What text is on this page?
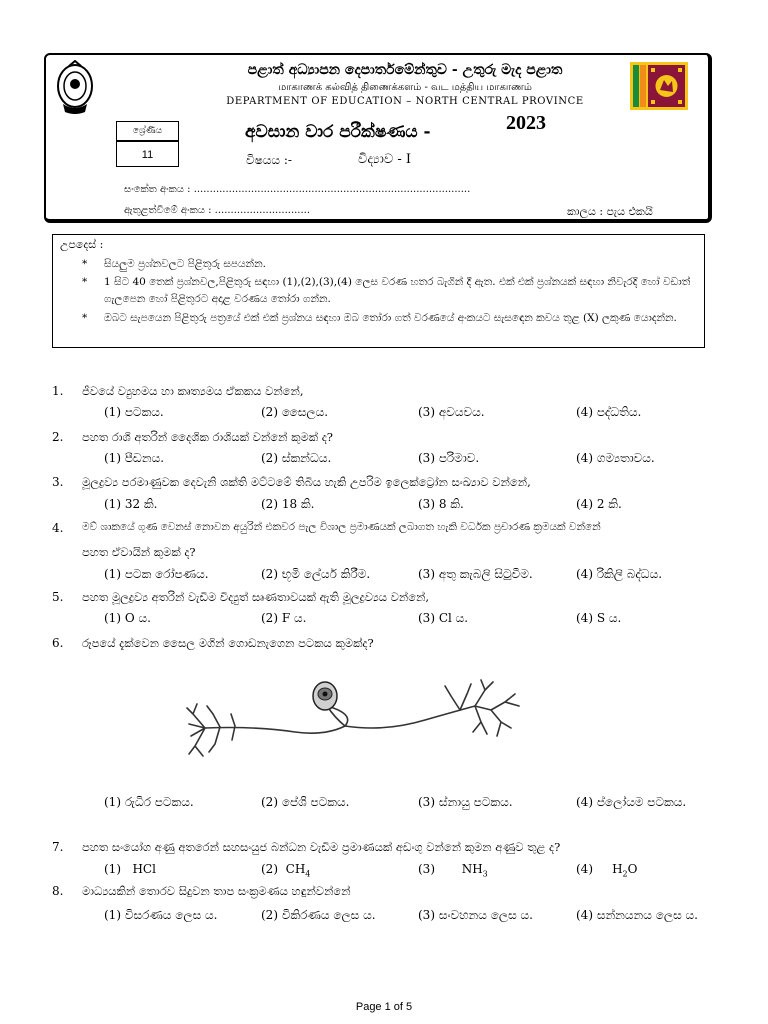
පළාත් අධ්‍යාපන දෙපාර්තමේන්තුව - උතුරු මැද පළාත
மாகாணக் கல்வித் திணைக்களம் - வட மத்திய மாகாணம்
DEPARTMENT OF EDUCATION – NORTH CENTRAL PROVINCE
ශ්‍රේණිය
11
අවසාන වාර පරීක්ෂණය -	2023
විෂයය :-	විද්‍යාව - I
සංකේත අංකය : .......................................................................................
ඇතුළත්වීමේ අංකය : ..............................	කාලය : පැය එකයි
උපදෙස් :
* සියලුම ප්‍රශ්නවලට පිළිතුරු සපයන්න.
* 1 සිට 40 තෙක් ප්‍රශ්නවල,පිළිතුරු සඳහා (1),(2),(3),(4) ලෙස වරණ හතර බැගින් දී ඇත. එක් එක් ප්‍රශ්නයක් සඳහා නිවැරදි හෝ වඩාත් ගැලපෙන හෝ පිළිතුරට අදාළ වරණය තෝරා ගන්න.
* ඔබට සැපයෙන පිළිතුරු පත්‍රයේ එක් එක් ප්‍රශ්නය සඳහා ඔබ තෝරා ගත් වරණයේ අංකයට සැසඳෙන කවය තුළ (X) ලකුණ යොදන්න.
1. ජීවයේ ව්‍යුහමය හා කෘත්‍යමය ඒකකය වන්නේ,
(1) පටකය.	(2) සෛලය.	(3) අවයවය.	(4) පද්ධතිය.
2. පහත රාශි අතරින් දෛශික රාශියක් වන්නේ කුමක් ද?
(1) පීඩනය.	(2) ස්කන්ධය.	(3) පරිමාව.	(4) ගම්‍යතාවය.
3. මූලද්‍රව්‍ය පරමාණුවක දෙවැනි ශක්ති මට්ටමේ තිබිය හැකි උපරිම ඉලෙක්ට්‍රෝන සංඛ්‍යාව වන්නේ,
(1) 32 කි.	(2) 18 කි.	(3) 8 කි.	(4) 2 කි.
4. මව් ශාකයේ ගුණ වෙනස් නොවන අයුරින් එකවර පැල විශාල ප්‍රමාණයක් ලබාගත හැකි වර්ධක ප්‍රචාරණ ක්‍රමයක් වන්නේ
පහත ඒවායින් කුමක් ද?
(1) පටක රෝපණය.	(2) භූමි ලේයර් කිරීම.	(3) අතු කැබලි සිටුවීම.	(4) රිකිලි බද්ධය.
5. පහත මූලද්‍රව්‍ය අතරින් වැඩිම විද්‍යුත් සෘණතාවයක් ඇති මූලද්‍රව්‍යය වන්නේ,
(1) O ය.	(2) F ය.	(3) Cl ය.	(4) S ය.
6. රූපයේ දැක්වෙන සෛල මගින් ගොඩනැගෙන පටකය කුමක්ද?
(1) රුධිර පටකය.	(2) පේශි පටකය.	(3) ස්නායු පටකය.	(4) ප්ලෝයම පටකය.
7. පහත සංයෝග අණු අතරෙන් සහසංයුජ බන්ධන වැඩිම ප්‍රමාණයක් අඩංගු වන්නේ කුමන අණුව තුළ ද?
(1) HCl	(2) $CH_4$	(3) $NH_3$	(4) $H_2O$
8. මාධ්‍යයකින් තොරව සිදුවන තාප සංක්‍රමණය හඳුන්වන්නේ
(1) විසරණය ලෙස ය.	(2) විකිරණය ලෙස ය.	(3) සංවහනය ලෙස ය.	(4) සන්නයනය ලෙස ය.
Page 1 of 5
